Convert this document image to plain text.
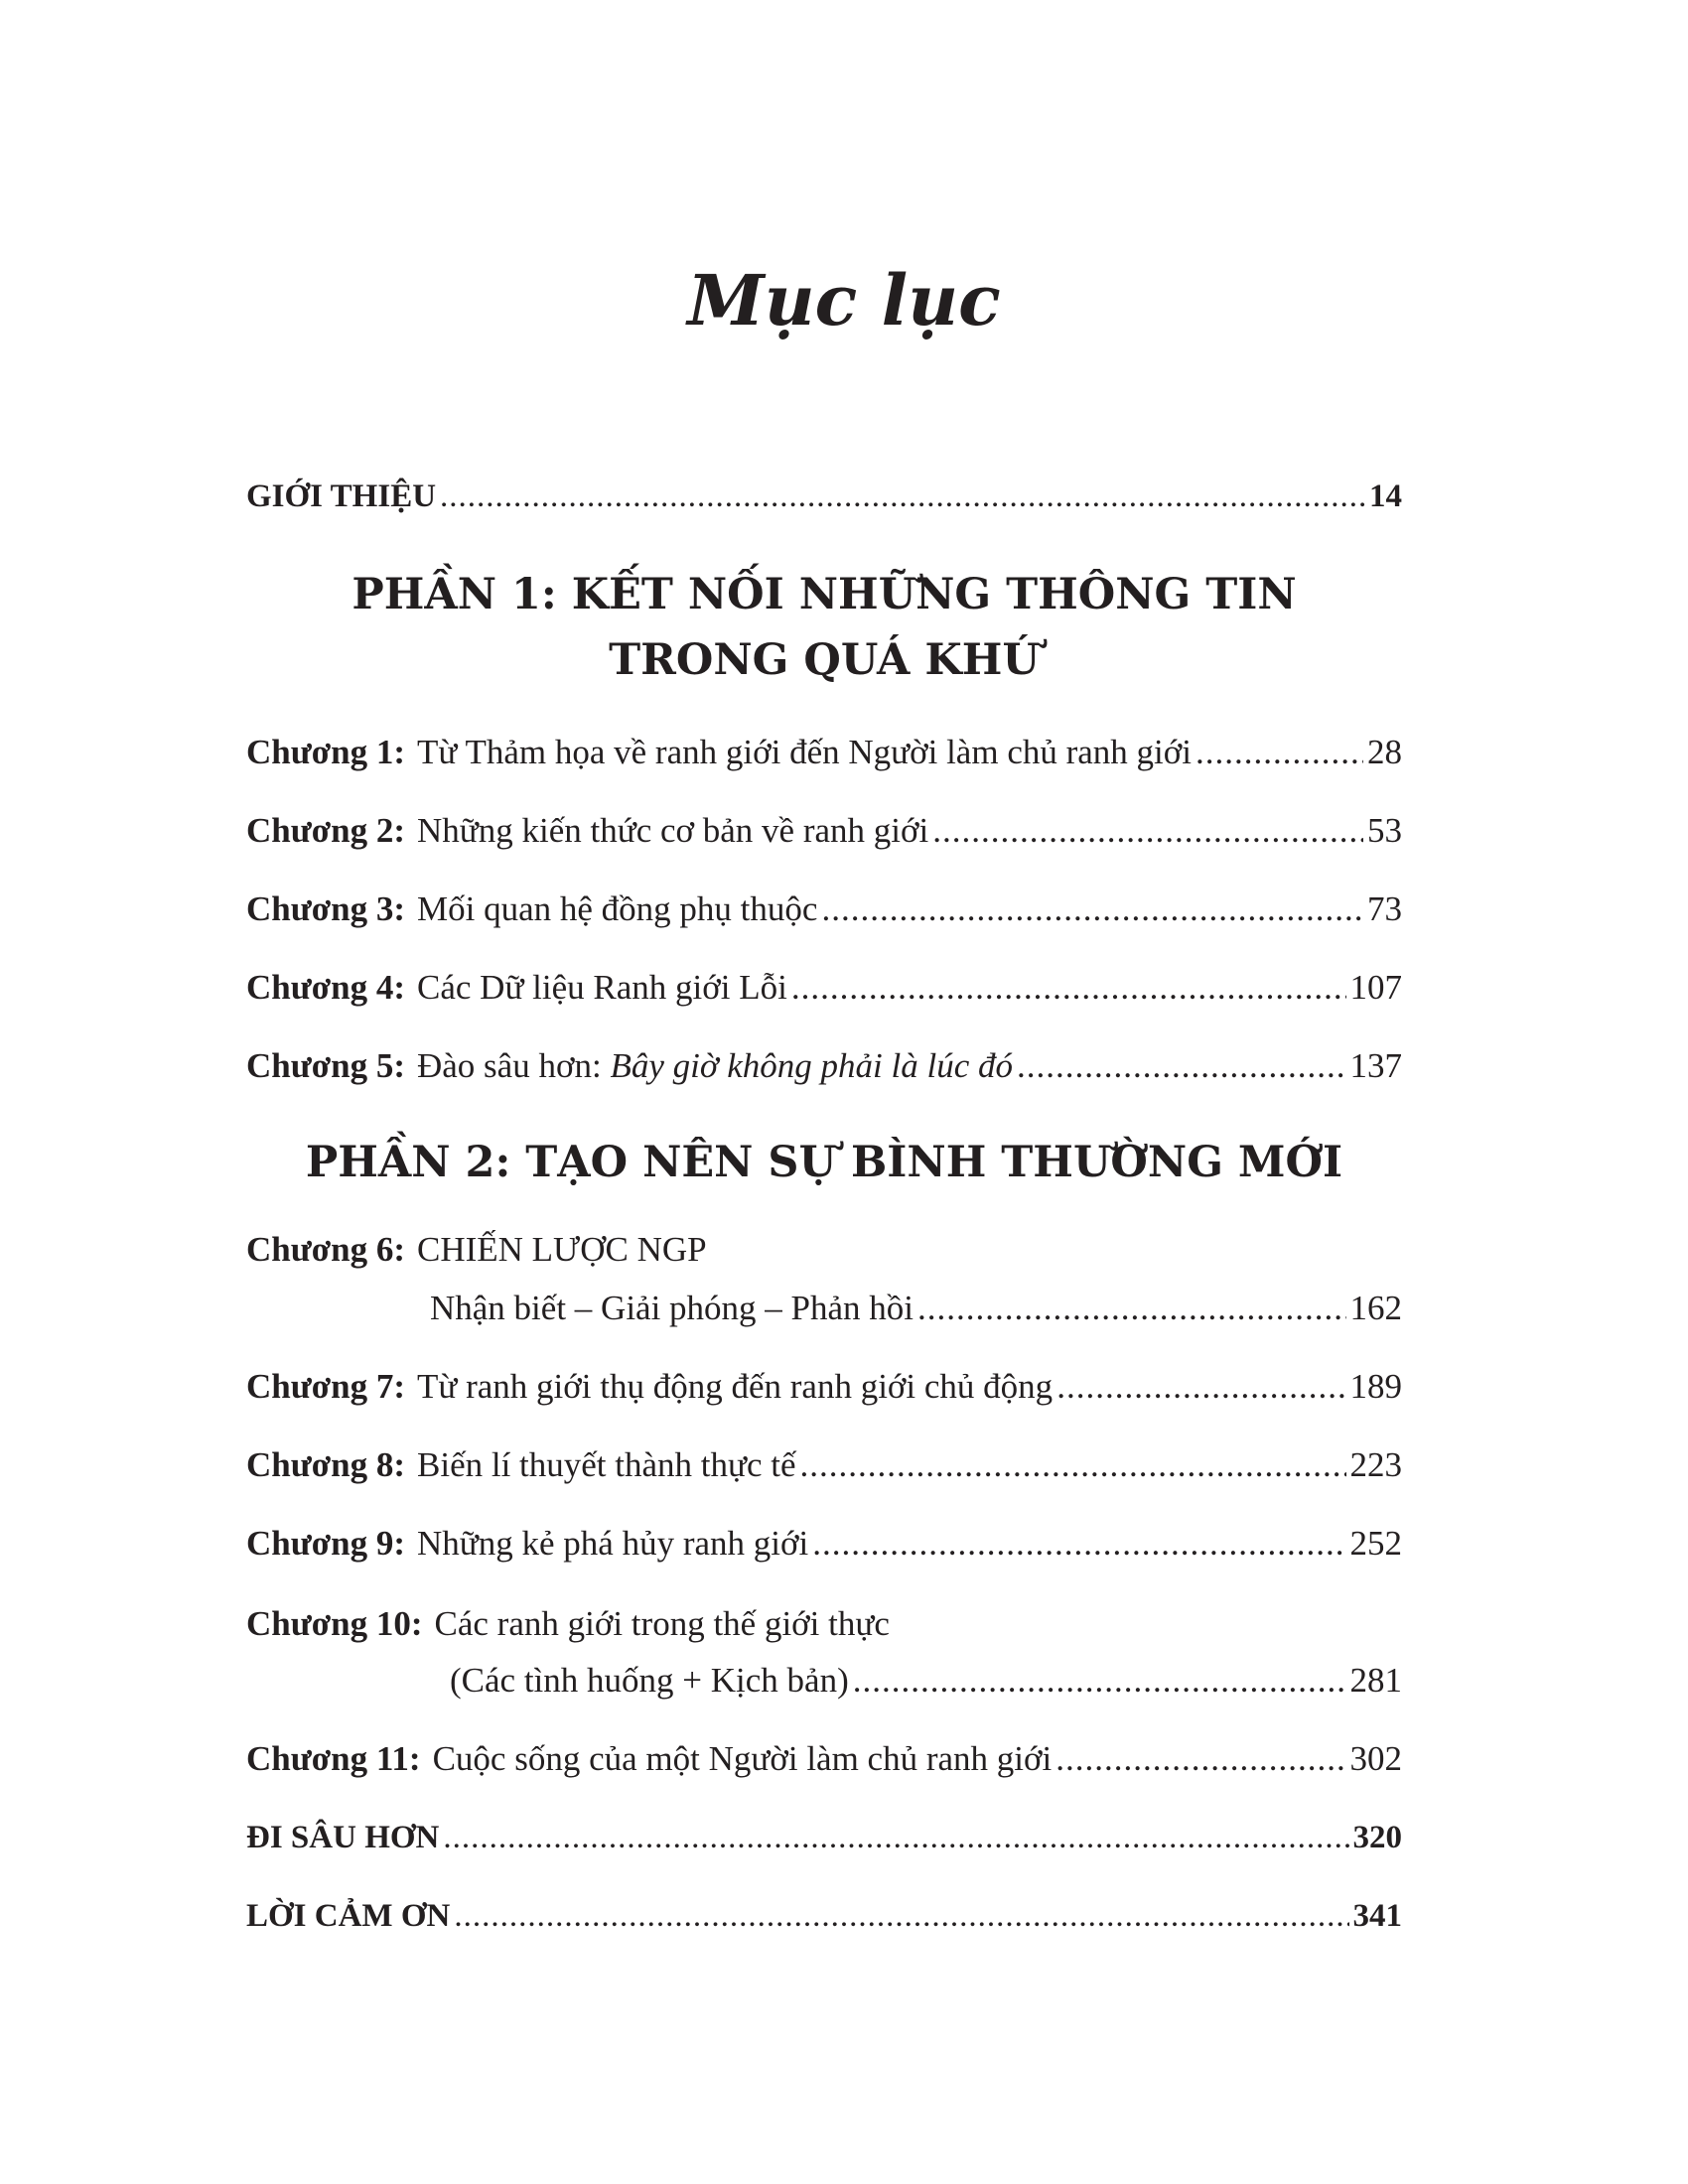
Mục lục
GIỚI THIỆU .....	14
PHẦN 1: KẾT NỐI NHỮNG THÔNG TIN
TRONG QUÁ KHỨ
Chương 1: Từ Thảm họa về ranh giới đến Người làm chủ ranh giới .....	28
Chương 2: Những kiến thức cơ bản về ranh giới .....	53
Chương 3: Mối quan hệ đồng phụ thuộc .....	73
Chương 4: Các Dữ liệu Ranh giới Lỗi .....	107
Chương 5: Đào sâu hơn: Bây giờ không phải là lúc đó .....	137
PHẦN 2: TẠO NÊN SỰ BÌNH THƯỜNG MỚI
Chương 6: CHIẾN LƯỢC NGP
Nhận biết – Giải phóng – Phản hồi .....	162
Chương 7: Từ ranh giới thụ động đến ranh giới chủ động .....	189
Chương 8: Biến lí thuyết thành thực tế .....	223
Chương 9: Những kẻ phá hủy ranh giới .....	252
Chương 10: Các ranh giới trong thế giới thực
(Các tình huống + Kịch bản) .....	281
Chương 11: Cuộc sống của một Người làm chủ ranh giới .....	302
ĐI SÂU HƠN .....	320
LỜI CẢM ƠN .....	341
